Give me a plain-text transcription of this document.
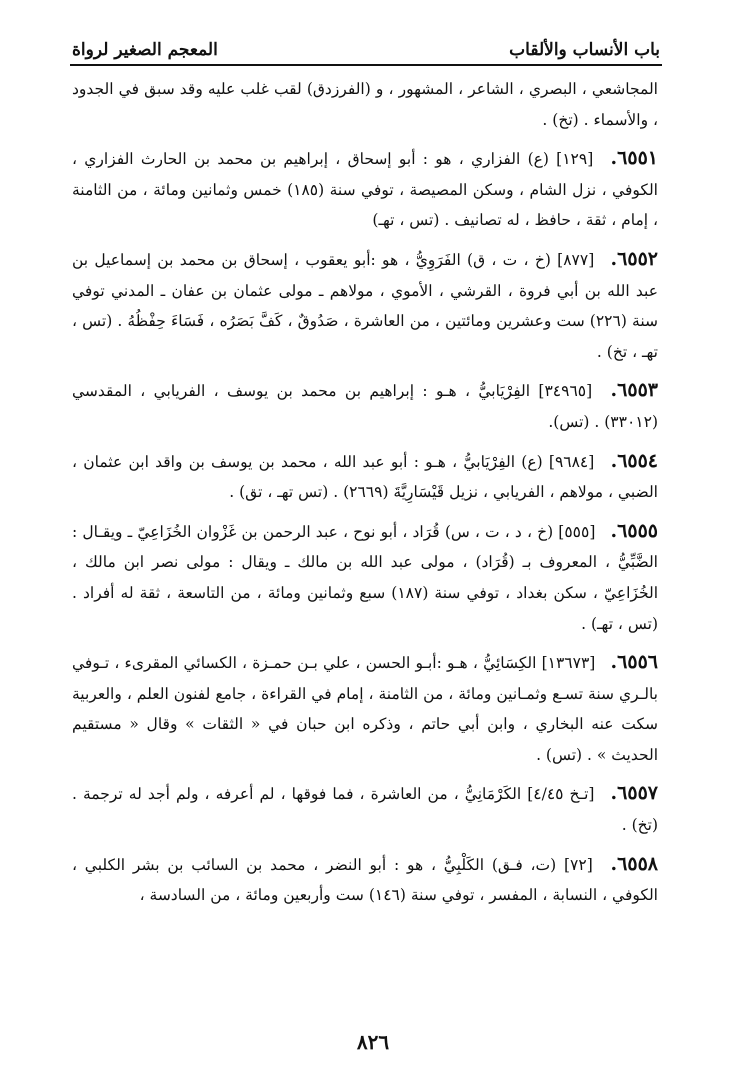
المعجم الصغير لرواة	باب الأنساب والألقاب

المجاشعي ، البصري ، الشاعر ، المشهور ، و (الفرزدق) لقب غلب عليه وقد سبق في الجدود ، والأسماء . (تخ) .

٦٥٥١. [١٢٩] (ع) الفزاري ، هو : أبو إسحاق ، إبراهيم بن محمد بن الحارث الفزاري ، الكوفي ، نزل الشام ، وسكن المصيصة ، توفي سنة (١٨٥) خمس وثمانين ومائة ، من الثامنة ، إمام ، ثقة ، حافظ ، له تصانيف . (تس ، تهـ)

٦٥٥٢. [٨٧٧] (خ ، ت ، ق) الفَرَوِيُّ ، هو :أبو يعقوب ، إسحاق بن محمد بن إسماعيل بن عبد الله بن أبي فروة ، القرشي ، الأموي ، مولاهم ـ مولى عثمان بن عفان ـ المدني توفي سنة (٢٢٦) ست وعشرين ومائتين ، من العاشرة ، صَدُوقٌ ، كَفَّ بَصَرُه ، فَسَاءَ حِفْظُهُ . (تس ، تهـ ، تخ) .

٦٥٥٣. [٣٤٩٦٥] الفِرْيَابيُّ ، هـو : إبراهيم بن محمد بن يوسف ، الفريابي ، المقدسي (٣٣٠١٢) . (تس).

٦٥٥٤. [٩٦٨٤] (ع) الفِرْيَابيُّ ، هـو : أبو عبد الله ، محمد بن يوسف بن واقد ابن عثمان ، الضبي ، مولاهم ، الفريابي ، نزيل قَيْسَارِيَّةَ (٢٦٦٩) . (تس تهـ ، تق) .

٦٥٥٥. [٥٥٥] (خ ، د ، ت ، س) قُرَاد ، أبو نوح ، عبد الرحمن بن غَزْوان الخُزَاعِيّ ـ ويقـال : الضَّبِّيُّ ، المعروف بـ (قُرَاد) ، مولى عبد الله بن مالك ـ ويقال : مولى نصر ابن مالك ، الخُزَاعِيّ ، سكن بغداد ، توفي سنة (١٨٧) سبع وثمانين ومائة ، من التاسعة ، ثقة له أفراد . (تس ، تهـ) .

٦٥٥٦. [١٣٦٧٣] الكِسَائِيُّ ، هـو :أبـو الحسن ، علي بـن حمـزة ، الكسائي المقرىء ، تـوفي بالـري سنة تسـع وثمـانين ومائة ، من الثامنة ، إمام في القراءة ، جامع لفنون العلم ، والعربية سكت عنه البخاري ، وابن أبي حاتم ، وذكره ابن حبان في « الثقات » وقال « مستقيم الحديث » . (تس) .

٦٥٥٧. [تـخ ٤/٤٥] الكَرْمَانِيُّ ، من العاشرة ، فما فوقها ، لم أعرفه ، ولم أجد له ترجمة . (تخ) .

٦٥٥٨. [٧٢] (ت، فـق) الكَلْبِيُّ ، هو : أبو النضر ، محمد بن السائب بن بشر الكلبي ، الكوفي ، النسابة ، المفسر ، توفي سنة (١٤٦) ست وأربعين ومائة ، من السادسة ،

٨٢٦
